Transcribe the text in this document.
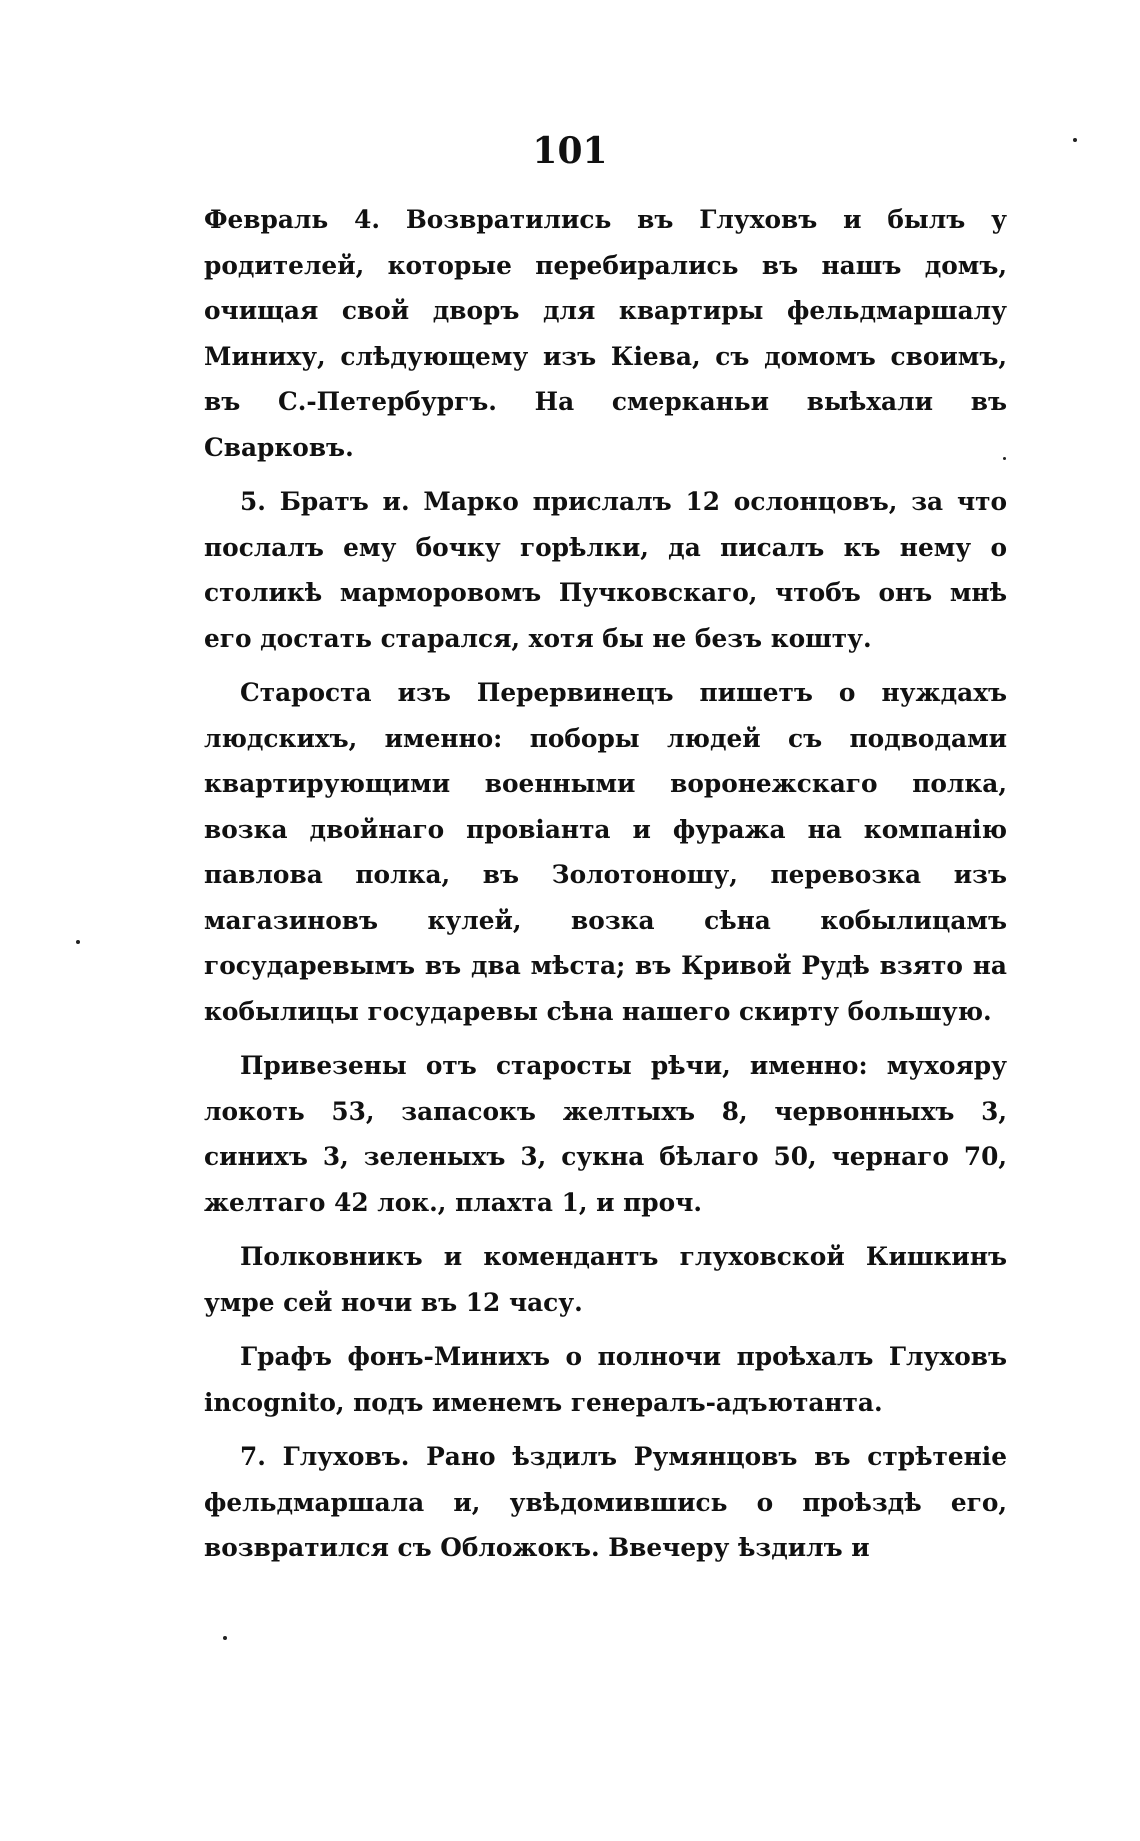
101

Февраль 4. Возвратились въ Глуховъ и былъ у родителей, которые перебирались въ нашъ домъ, очищая свой дворъ для квартиры фельдмаршалу Миниху, слѣдующему изъ Кіева, съ домомъ своимъ, въ С.-Петербургъ. На смерканьи выѣхали въ Сварковъ.

5. Братъ и. Марко прислалъ 12 ослонцовъ, за что послалъ ему бочку горѣлки, да писалъ къ нему о столикѣ марморовомъ Пучковскаго, чтобъ онъ мнѣ его достать старался, хотя бы не безъ кошту.

Староста изъ Перервинецъ пишетъ о нуждахъ людскихъ, именно: поборы людей съ подводами квартирующими военными воронежскаго полка, возка двойнаго провіанта и фуража на компанію павлова полка, въ Золотоношу, перевозка изъ магазиновъ кулей, возка сѣна кобылицамъ государевымъ въ два мѣста; въ Кривой Рудѣ взято на кобылицы государевы сѣна нашего скирту большую.

Привезены отъ старосты рѣчи, именно: мухояру локоть 53, запасокъ желтыхъ 8, червонныхъ 3, синихъ 3, зеленыхъ 3, сукна бѣлаго 50, чернаго 70, желтаго 42 лок., плахта 1, и проч.

Полковникъ и комендантъ глуховской Кишкинъ умре сей ночи въ 12 часу.

Графъ фонъ-Минихъ о полночи проѣхалъ Глуховъ incognito, подъ именемъ генералъ-адъютанта.

7. Глуховъ. Рано ѣздилъ Румянцовъ въ стрѣтеніе фельдмаршала и, увѣдомившись о проѣздѣ его, возвратился съ Обложокъ. Ввечеру ѣздилъ и
